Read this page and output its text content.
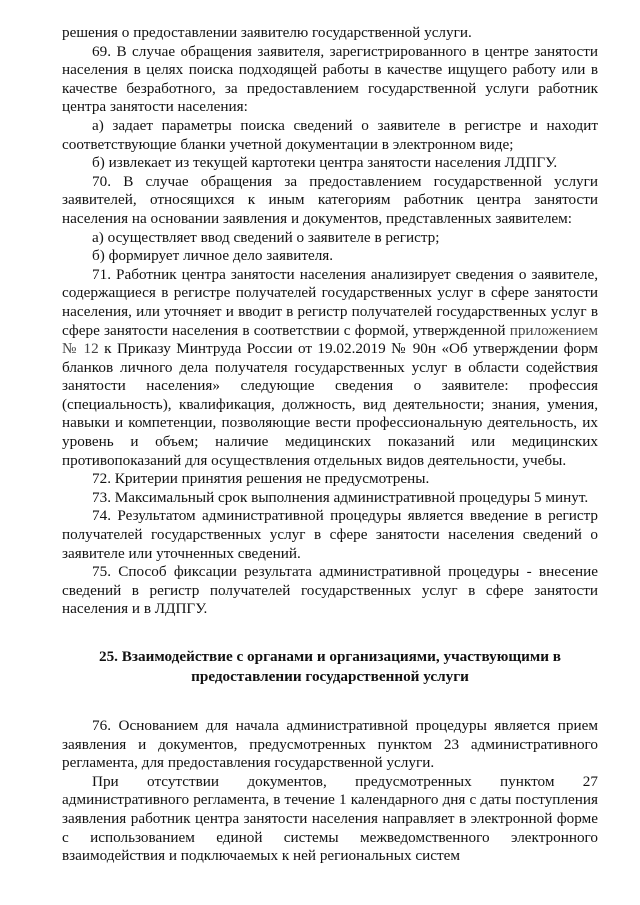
решения о предоставлении заявителю государственной услуги.

69. В случае обращения заявителя, зарегистрированного в центре занятости населения в целях поиска подходящей работы в качестве ищущего работу или в качестве безработного, за предоставлением государственной услуги работник центра занятости населения:

а) задает параметры поиска сведений о заявителе в регистре и находит соответствующие бланки учетной документации в электронном виде;

б) извлекает из текущей картотеки центра занятости населения ЛДПГУ.

70. В случае обращения за предоставлением государственной услуги заявителей, относящихся к иным категориям работник центра занятости населения на основании заявления и документов, представленных заявителем:

а) осуществляет ввод сведений о заявителе в регистр;

б) формирует личное дело заявителя.

71. Работник центра занятости населения анализирует сведения о заявителе, содержащиеся в регистре получателей государственных услуг в сфере занятости населения, или уточняет и вводит в регистр получателей государственных услуг в сфере занятости населения в соответствии с формой, утвержденной приложением № 12 к Приказу Минтруда России от 19.02.2019 № 90н «Об утверждении форм бланков личного дела получателя государственных услуг в области содействия занятости населения» следующие сведения о заявителе: профессия (специальность), квалификация, должность, вид деятельности; знания, умения, навыки и компетенции, позволяющие вести профессиональную деятельность, их уровень и объем; наличие медицинских показаний или медицинских противопоказаний для осуществления отдельных видов деятельности, учебы.

72. Критерии принятия решения не предусмотрены.

73. Максимальный срок выполнения административной процедуры 5 минут.

74. Результатом административной процедуры является введение в регистр получателей государственных услуг в сфере занятости населения сведений о заявителе или уточненных сведений.

75. Способ фиксации результата административной процедуры - внесение сведений в регистр получателей государственных услуг в сфере занятости населения и в ЛДПГУ.

25. Взаимодействие с органами и организациями, участвующими в предоставлении государственной услуги

76. Основанием для начала административной процедуры является прием заявления и документов, предусмотренных пунктом 23 административного регламента, для предоставления государственной услуги.

При отсутствии документов, предусмотренных пунктом 27 административного регламента, в течение 1 календарного дня с даты поступления заявления работник центра занятости населения направляет в электронной форме с использованием единой системы межведомственного электронного взаимодействия и подключаемых к ней региональных систем
